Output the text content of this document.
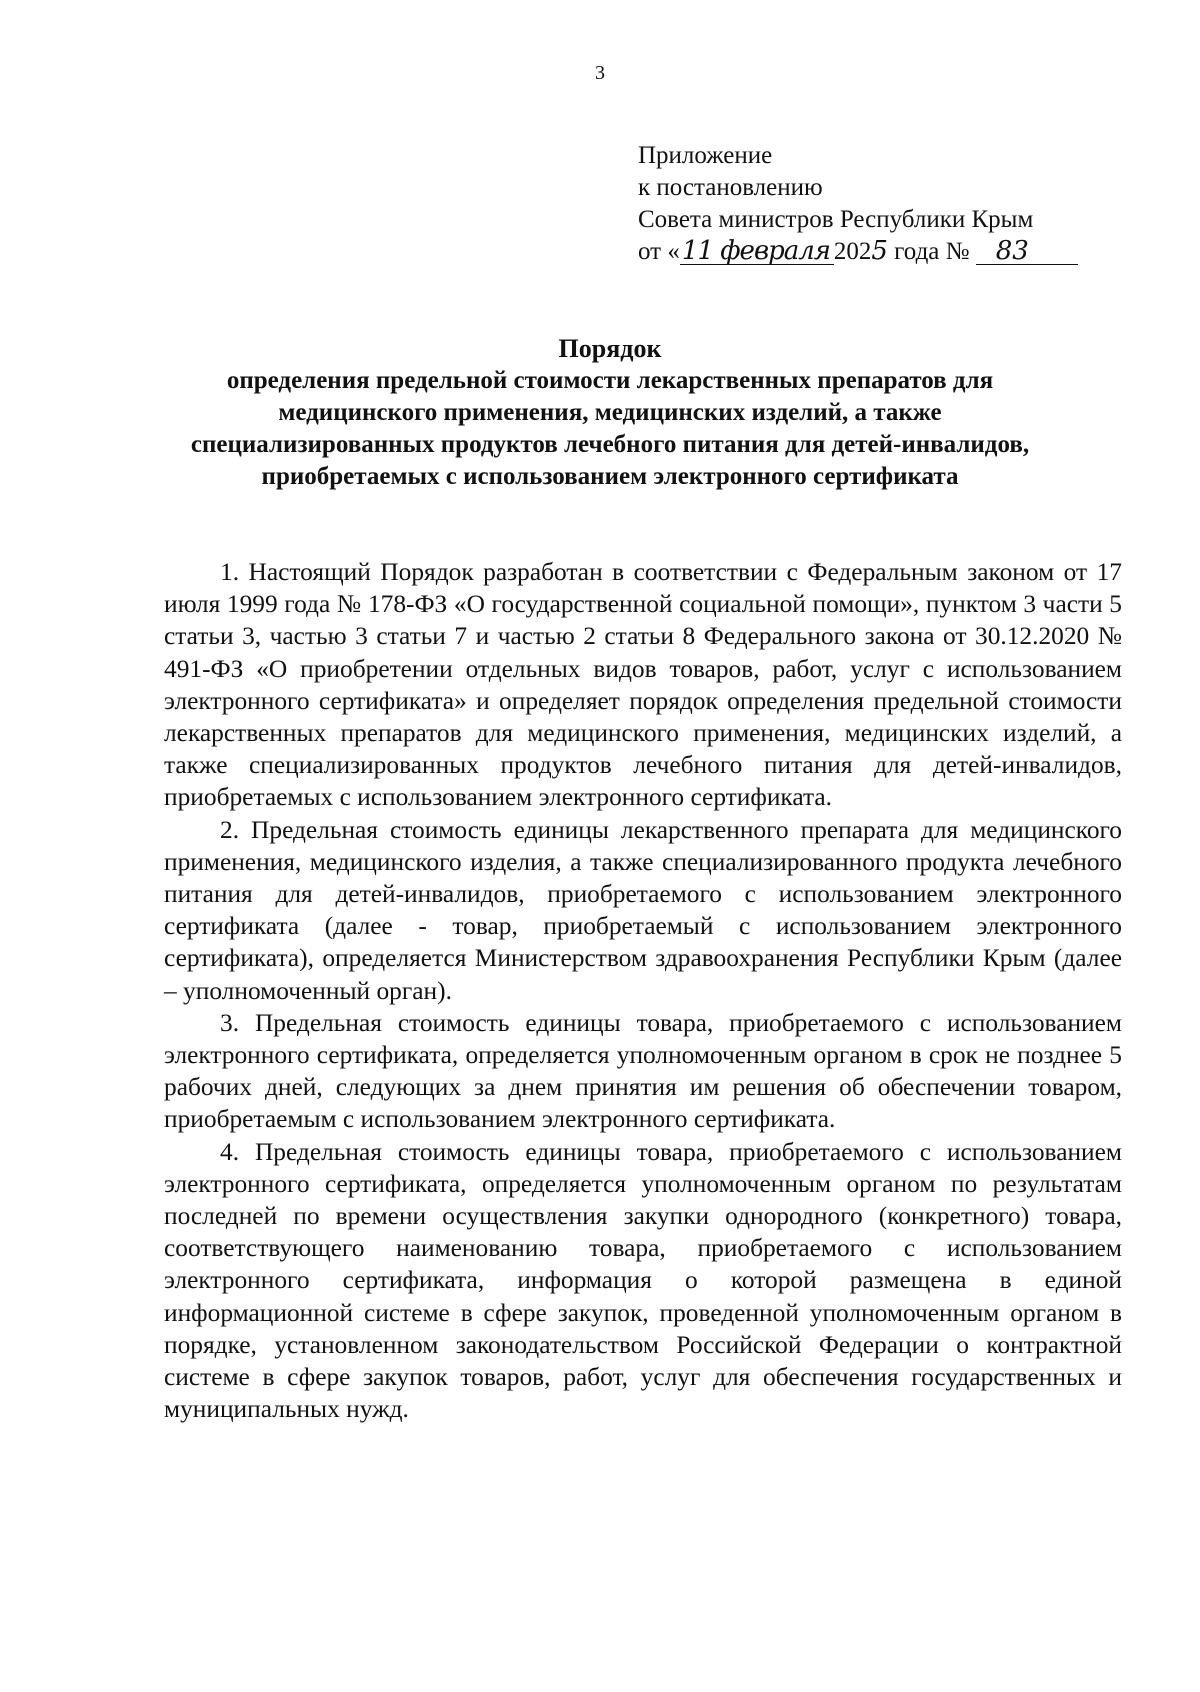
3
Приложение
к постановлению
Совета министров Республики Крым
от «11 февраля 2025 года № 83
Порядок
определения предельной стоимости лекарственных препаратов для
медицинского применения, медицинских изделий, а также
специализированных продуктов лечебного питания для детей-инвалидов,
приобретаемых с использованием электронного сертификата

1. Настоящий Порядок разработан в соответствии с Федеральным законом от 17 июля 1999 года № 178-ФЗ «О государственной социальной помощи», пунктом 3 части 5 статьи 3, частью 3 статьи 7 и частью 2 статьи 8 Федерального закона от 30.12.2020 № 491-ФЗ «О приобретении отдельных видов товаров, работ, услуг с использованием электронного сертификата» и определяет порядок определения предельной стоимости лекарственных препаратов для медицинского применения, медицинских изделий, а также специализированных продуктов лечебного питания для детей-инвалидов, приобретаемых с использованием электронного сертификата.

2. Предельная стоимость единицы лекарственного препарата для медицинского применения, медицинского изделия, а также специализированного продукта лечебного питания для детей-инвалидов, приобретаемого с использованием электронного сертификата (далее - товар, приобретаемый с использованием электронного сертификата), определяется Министерством здравоохранения Республики Крым (далее – уполномоченный орган).

3. Предельная стоимость единицы товара, приобретаемого с использованием электронного сертификата, определяется уполномоченным органом в срок не позднее 5 рабочих дней, следующих за днем принятия им решения об обеспечении товаром, приобретаемым с использованием электронного сертификата.

4. Предельная стоимость единицы товара, приобретаемого с использованием электронного сертификата, определяется уполномоченным органом по результатам последней по времени осуществления закупки однородного (конкретного) товара, соответствующего наименованию товара, приобретаемого с использованием электронного сертификата, информация о которой размещена в единой информационной системе в сфере закупок, проведенной уполномоченным органом в порядке, установленном законодательством Российской Федерации о контрактной системе в сфере закупок товаров, работ, услуг для обеспечения государственных и муниципальных нужд.
